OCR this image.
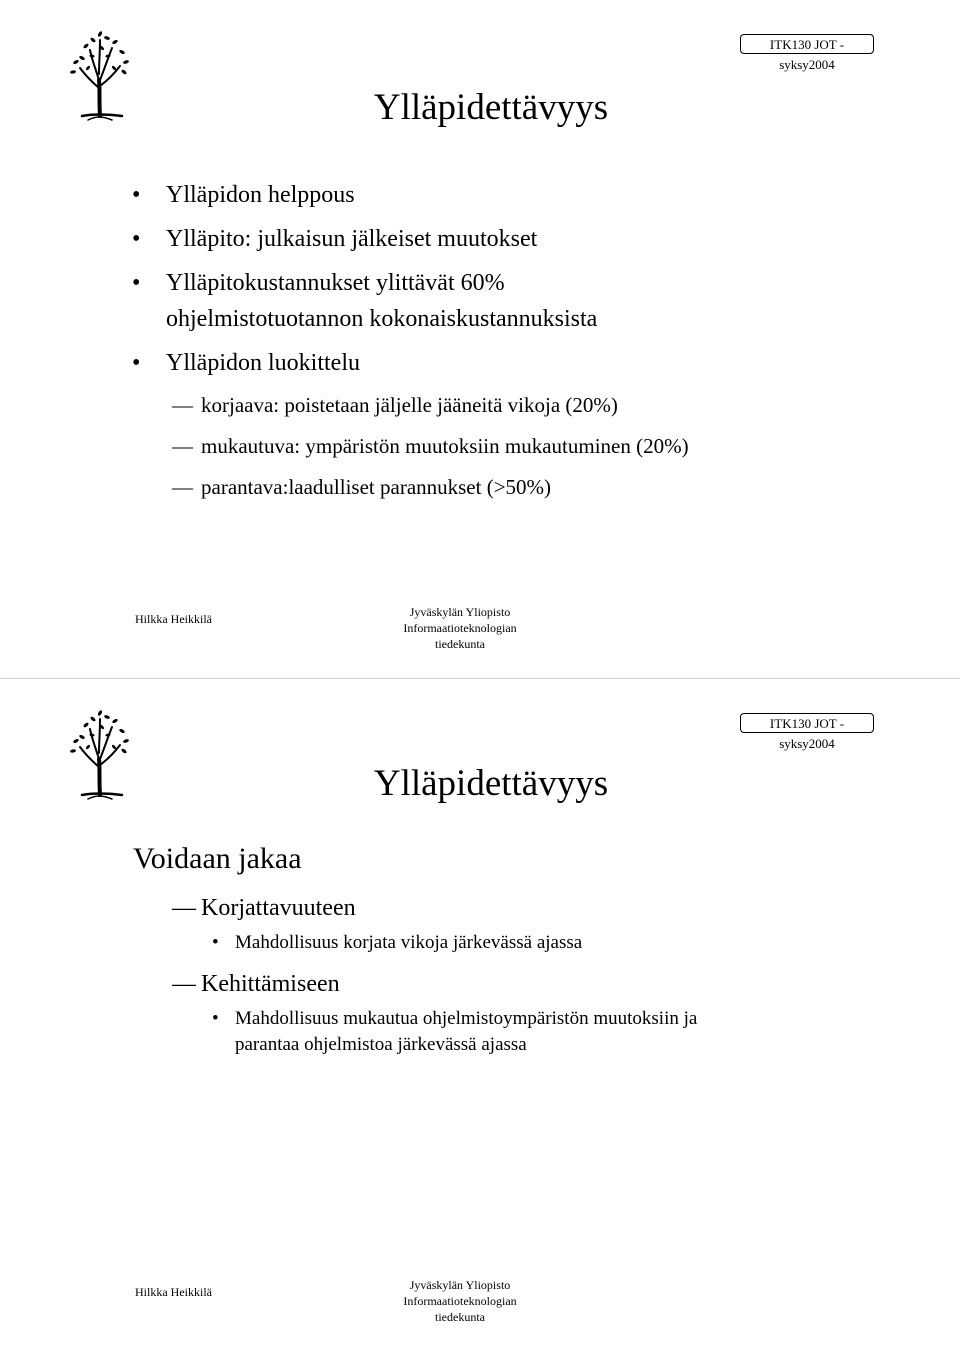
ITK130 JOT - syksy2004
Ylläpidettävyys
• Ylläpidon helppous
• Ylläpito: julkaisun jälkeiset muutokset
• Ylläpitokustannukset ylittävät 60%
ohjelmistotuotannon kokonaiskustannuksista
• Ylläpidon luokittelu
— korjaava: poistetaan jäljelle jääneitä vikoja (20%)
— mukautuva: ympäristön muutoksiin mukautuminen (20%)
— parantava:laadulliset parannukset (>50%)
Hilkka Heikkilä	Jyväskylän Yliopisto
Informaatioteknologian tiedekunta
ITK130 JOT - syksy2004
Hilkka Heikkilä	Jyväskylän Yliopisto
Informaatioteknologian tiedekunta
Ylläpidettävyys
Voidaan jakaa
— Korjattavuuteen
• Mahdollisuus korjata vikoja järkevässä ajassa
— Kehittämiseen
• Mahdollisuus mukautua ohjelmistoympäristön muutoksiin ja
parantaa ohjelmistoa järkevässä ajassa
